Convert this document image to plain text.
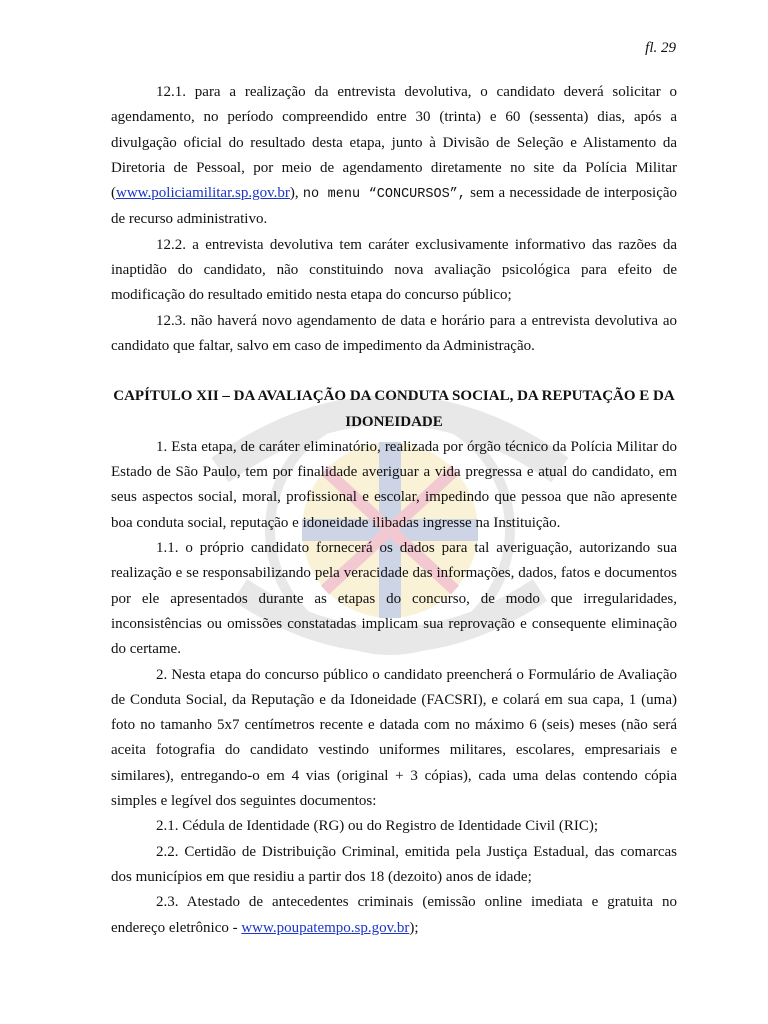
fl. 29

12.1. para a realização da entrevista devolutiva, o candidato deverá solicitar o agendamento, no período compreendido entre 30 (trinta) e 60 (sessenta) dias, após a divulgação oficial do resultado desta etapa, junto à Divisão de Seleção e Alistamento da Diretoria de Pessoal, por meio de agendamento diretamente no site da Polícia Militar (www.policiamilitar.sp.gov.br), no menu “CONCURSOS”, sem a necessidade de interposição de recurso administrativo.

12.2. a entrevista devolutiva tem caráter exclusivamente informativo das razões da inaptidão do candidato, não constituindo nova avaliação psicológica para efeito de modificação do resultado emitido nesta etapa do concurso público;

12.3. não haverá novo agendamento de data e horário para a entrevista devolutiva ao candidato que faltar, salvo em caso de impedimento da Administração.

CAPÍTULO XII – DA AVALIAÇÃO DA CONDUTA SOCIAL, DA REPUTAÇÃO E DA IDONEIDADE

1. Esta etapa, de caráter eliminatório, realizada por órgão técnico da Polícia Militar do Estado de São Paulo, tem por finalidade averiguar a vida pregressa e atual do candidato, em seus aspectos social, moral, profissional e escolar, impedindo que pessoa que não apresente boa conduta social, reputação e idoneidade ilibadas ingresse na Instituição.

1.1. o próprio candidato fornecerá os dados para tal averiguação, autorizando sua realização e se responsabilizando pela veracidade das informações, dados, fatos e documentos por ele apresentados durante as etapas do concurso, de modo que irregularidades, inconsistências ou omissões constatadas implicam sua reprovação e consequente eliminação do certame.

2. Nesta etapa do concurso público o candidato preencherá o Formulário de Avaliação de Conduta Social, da Reputação e da Idoneidade (FACSRI), e colará em sua capa, 1 (uma) foto no tamanho 5x7 centímetros recente e datada com no máximo 6 (seis) meses (não será aceita fotografia do candidato vestindo uniformes militares, escolares, empresariais e similares), entregando-o em 4 vias (original + 3 cópias), cada uma delas contendo cópia simples e legível dos seguintes documentos:

2.1. Cédula de Identidade (RG) ou do Registro de Identidade Civil (RIC);

2.2. Certidão de Distribuição Criminal, emitida pela Justiça Estadual, das comarcas dos municípios em que residiu a partir dos 18 (dezoito) anos de idade;

2.3. Atestado de antecedentes criminais (emissão online imediata e gratuita no endereço eletrônico - www.poupatempo.sp.gov.br);
